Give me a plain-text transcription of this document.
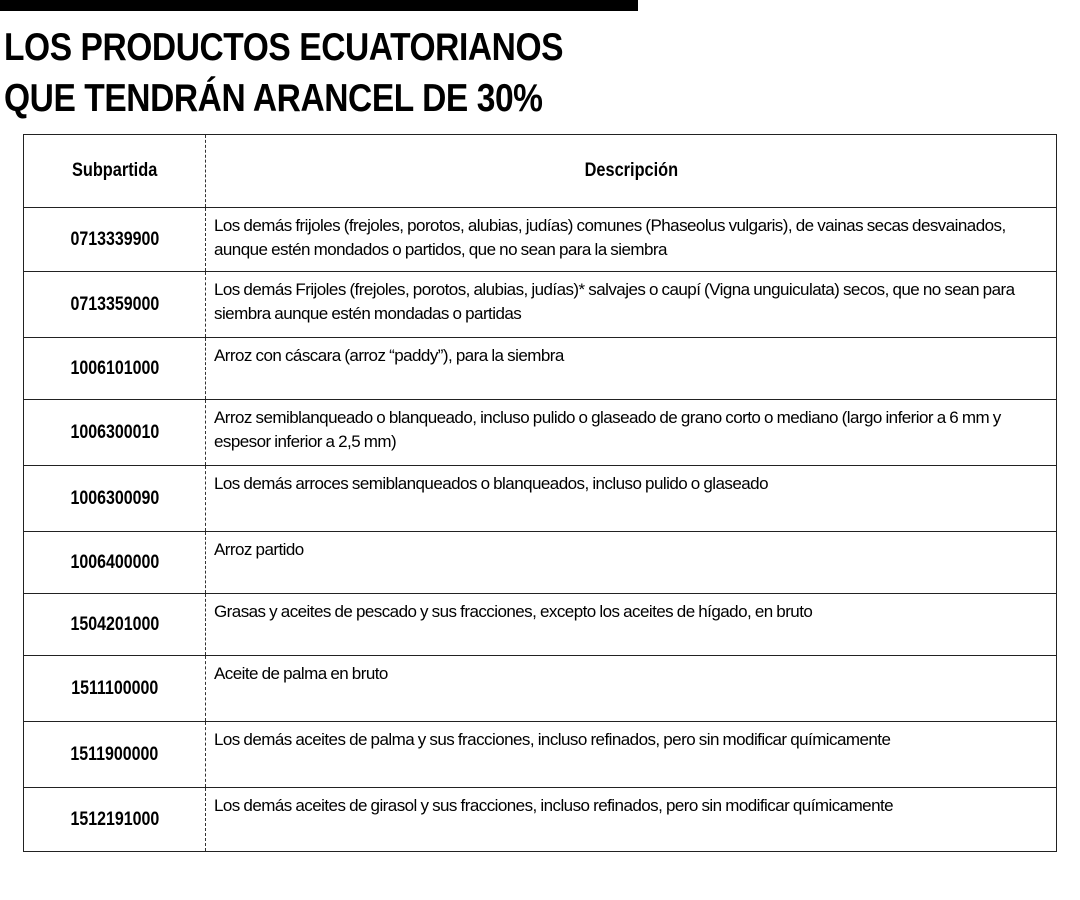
LOS PRODUCTOS ECUATORIANOS
QUE TENDRÁN ARANCEL DE 30%
Subpartida	Descripción
0713339900	Los demás frijoles (frejoles, porotos, alubias, judías) comunes (Phaseolus vulgaris), de vainas secas desvainados, aunque estén mondados o partidos, que no sean para la siembra
0713359000	Los demás Frijoles (frejoles, porotos, alubias, judías)* salvajes o caupí (Vigna unguiculata) secos, que no sean para siembra aunque estén mondadas o partidas
1006101000	Arroz con cáscara (arroz “paddy”), para la siembra
1006300010	Arroz semiblanqueado o blanqueado, incluso pulido o glaseado de grano corto o mediano (largo inferior a 6 mm y espesor inferior a 2,5 mm)
1006300090	Los demás arroces semiblanqueados o blanqueados, incluso pulido o glaseado
1006400000	Arroz partido
1504201000	Grasas y aceites de pescado y sus fracciones, excepto los aceites de hígado, en bruto
1511100000	Aceite de palma en bruto
1511900000	Los demás aceites de palma y sus fracciones, incluso refinados, pero sin modificar químicamente
1512191000	Los demás aceites de girasol y sus fracciones, incluso refinados, pero sin modificar químicamente
